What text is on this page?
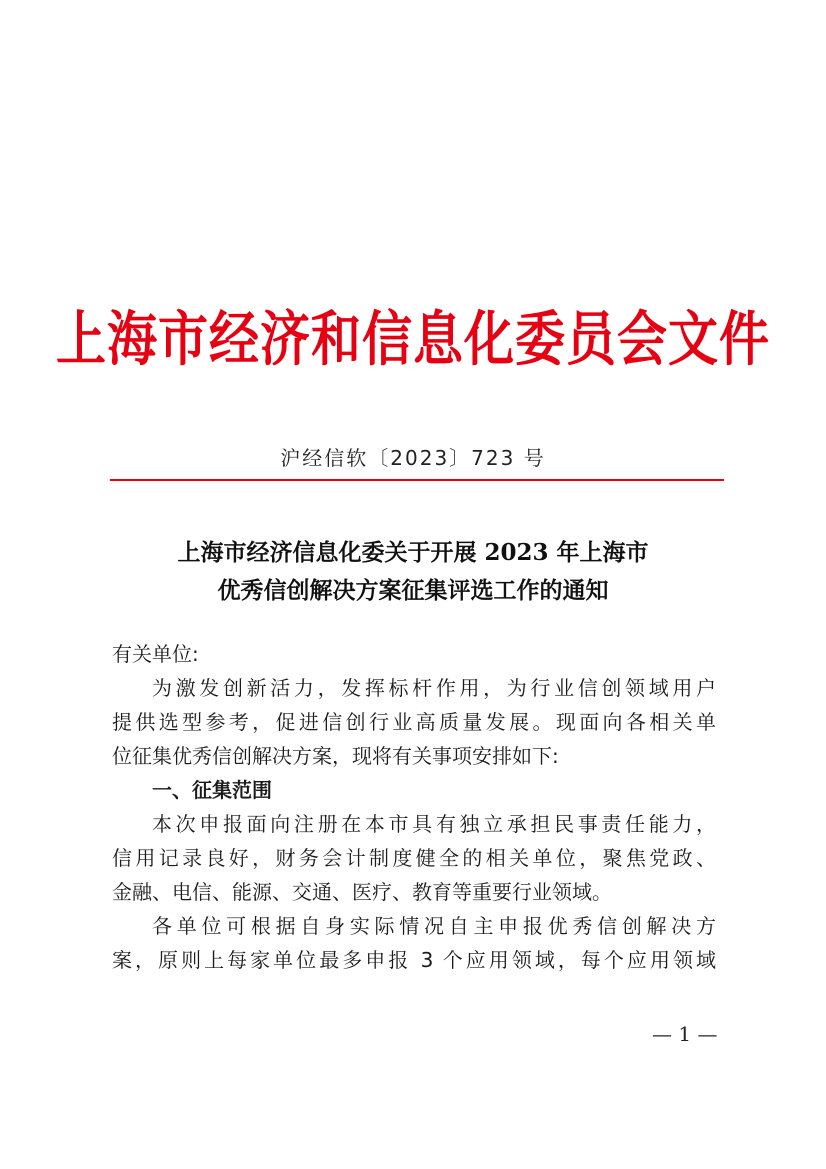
上海市经济和信息化委员会文件
沪经信软〔2023〕723 号
上海市经济信息化委关于开展 2023 年上海市
优秀信创解决方案征集评选工作的通知
有关单位:
为激发创新活力，发挥标杆作用，为行业信创领域用户
提供选型参考，促进信创行业高质量发展。现面向各相关单
位征集优秀信创解决方案，现将有关事项安排如下:
一、征集范围
本次申报面向注册在本市具有独立承担民事责任能力，
信用记录良好，财务会计制度健全的相关单位，聚焦党政、
金融、电信、能源、交通、医疗、教育等重要行业领域。
各单位可根据自身实际情况自主申报优秀信创解决方
案，原则上每家单位最多申报 3 个应用领域，每个应用领域
— 1 —
